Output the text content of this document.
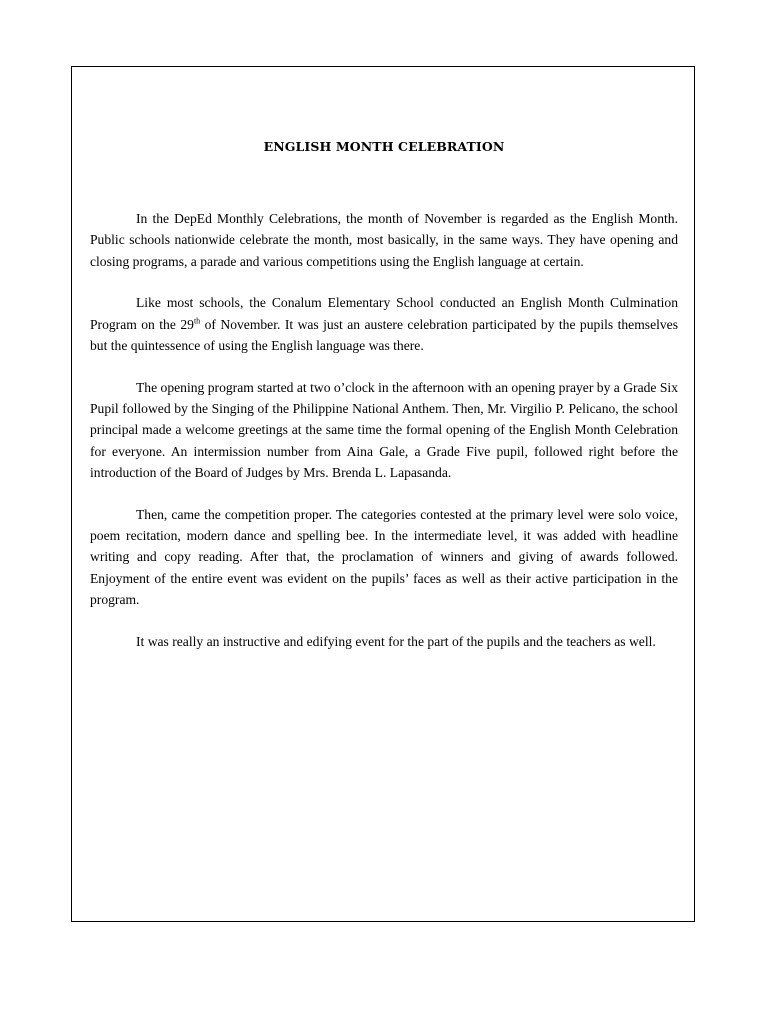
ENGLISH MONTH CELEBRATION

In the DepEd Monthly Celebrations, the month of November is regarded as the English Month. Public schools nationwide celebrate the month, most basically, in the same ways. They have opening and closing programs, a parade and various competitions using the English language at certain.

Like most schools, the Conalum Elementary School conducted an English Month Culmination Program on the 29th of November. It was just an austere celebration participated by the pupils themselves but the quintessence of using the English language was there.

The opening program started at two o’clock in the afternoon with an opening prayer by a Grade Six Pupil followed by the Singing of the Philippine National Anthem. Then, Mr. Virgilio P. Pelicano, the school principal made a welcome greetings at the same time the formal opening of the English Month Celebration for everyone. An intermission number from Aina Gale, a Grade Five pupil, followed right before the introduction of the Board of Judges by Mrs. Brenda L. Lapasanda.

Then, came the competition proper. The categories contested at the primary level were solo voice, poem recitation, modern dance and spelling bee. In the intermediate level, it was added with headline writing and copy reading. After that, the proclamation of winners and giving of awards followed. Enjoyment of the entire event was evident on the pupils’ faces as well as their active participation in the program.

It was really an instructive and edifying event for the part of the pupils and the teachers as well.
